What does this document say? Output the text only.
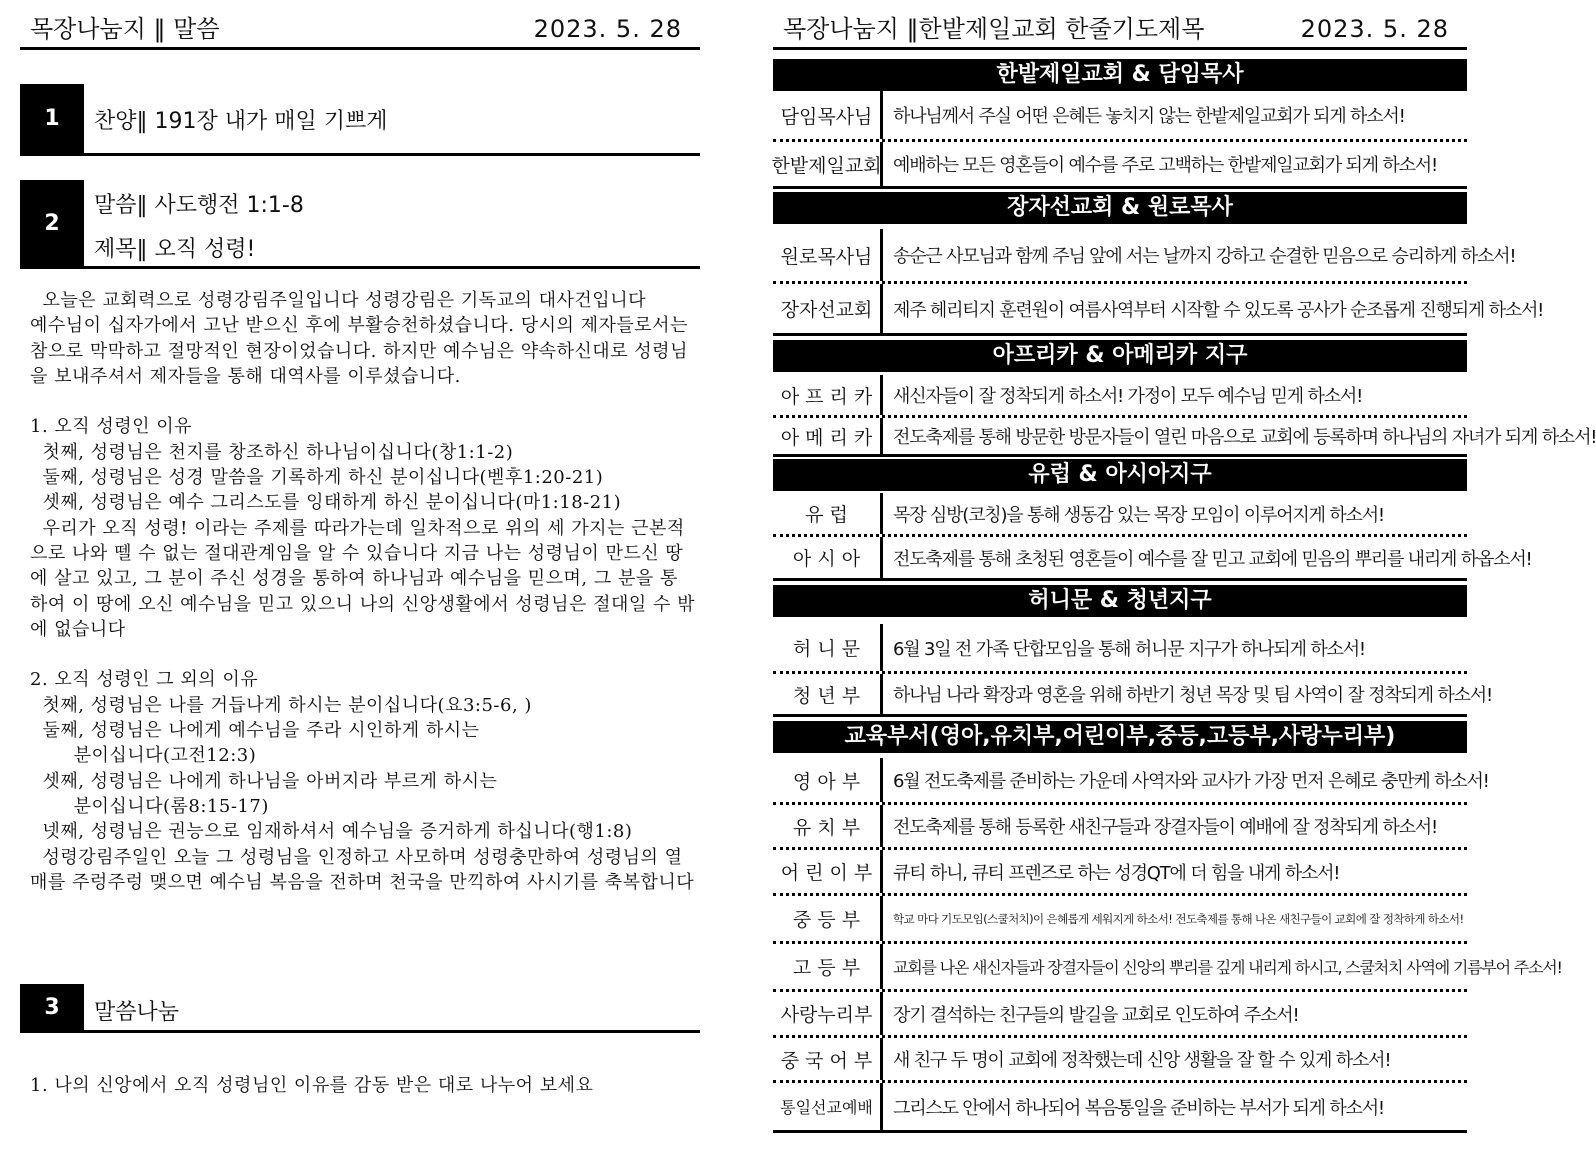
목장나눔지 ‖ 말씀	2023. 5. 28
1	찬양‖ 191장 내가 매일 기쁘게
2
말씀‖ 사도행전 1:1-8
제목‖ 오직 성령!
오늘은 교회력으로 성령강림주일입니다 성령강림은 기독교의 대사건입니다
예수님이 십자가에서 고난 받으신 후에 부활승천하셨습니다. 당시의 제자들로서는 참으로 막막하고 절망적인 현장이었습니다. 하지만 예수님은 약속하신대로 성령님을 보내주셔서 제자들을 통해 대역사를 이루셨습니다.

1. 오직 성령인 이유
첫째, 성령님은 천지를 창조하신 하나님이십니다(창1:1-2)
둘째, 성령님은 성경 말씀을 기록하게 하신 분이십니다(벧후1:20-21)
셋째, 성령님은 예수 그리스도를 잉태하게 하신 분이십니다(마1:18-21)
우리가 오직 성령! 이라는 주제를 따라가는데 일차적으로 위의 세 가지는 근본적으로 나와 뗄 수 없는 절대관계임을 알 수 있습니다 지금 나는 성령님이 만드신 땅에 살고 있고, 그 분이 주신 성경을 통하여 하나님과 예수님을 믿으며, 그 분을 통하여 이 땅에 오신 예수님을 믿고 있으니 나의 신앙생활에서 성령님은 절대일 수 밖에 없습니다

2. 오직 성령인 그 외의 이유
첫째, 성령님은 나를 거듭나게 하시는 분이십니다(요3:5-6, )
둘째, 성령님은 나에게 예수님을 주라 시인하게 하시는
분이십니다(고전12:3)
셋째, 성령님은 나에게 하나님을 아버지라 부르게 하시는
분이십니다(롬8:15-17)
넷째, 성령님은 권능으로 임재하셔서 예수님을 증거하게 하십니다(행1:8)
성령강림주일인 오늘 그 성령님을 인정하고 사모하며 성령충만하여 성령님의 열매를 주렁주렁 맺으면 예수님 복음을 전하며 천국을 만끽하여 사시기를 축복합니다
3	말씀나눔
1. 나의 신앙에서 오직 성령님인 이유를 감동 받은 대로 나누어 보세요
목장나눔지 ‖한밭제일교회 한줄기도제목	2023. 5. 28
한밭제일교회 & 담임목사
담임목사님	하나님께서 주실 어떤 은혜든 놓치지 않는 한밭제일교회가 되게 하소서!
한밭제일교회 예배하는 모든 영혼들이 예수를 주로 고백하는 한밭제일교회가 되게 하소서!
장자선교회 & 원로목사
원로목사님	송순근 사모님과 함께 주님 앞에 서는 날까지 강하고 순결한 믿음으로 승리하게 하소서!
장자선교회	제주 헤리티지 훈련원이 여름사역부터 시작할 수 있도록 공사가 순조롭게 진행되게 하소서!
아프리카 & 아메리카 지구
아 프 리 카	새신자들이 잘 정착되게 하소서! 가정이 모두 예수님 믿게 하소서!
아 메 리 카	전도축제를 통해 방문한 방문자들이 열린 마음으로 교회에 등록하며 하나님의 자녀가 되게 하소서!
유럽 & 아시아지구
유 럽	목장 심방(코칭)을 통해 생동감 있는 목장 모임이 이루어지게 하소서!
아 시 아	전도축제를 통해 초청된 영혼들이 예수를 잘 믿고 교회에 믿음의 뿌리를 내리게 하옵소서!
허니문 & 청년지구
허 니 문	6월 3일 전 가족 단합모임을 통해 허니문 지구가 하나되게 하소서!
청 년 부	하나님 나라 확장과 영혼을 위해 하반기 청년 목장 및 팀 사역이 잘 정착되게 하소서!
교육부서(영아,유치부,어린이부,중등,고등부,사랑누리부)
영 아 부	6월 전도축제를 준비하는 가운데 사역자와 교사가 가장 먼저 은혜로 충만케 하소서!
유 치 부	전도축제를 통해 등록한 새친구들과 장결자들이 예배에 잘 정착되게 하소서!
어 린 이 부	큐티 하니, 큐티 프렌즈로 하는 성경QT에 더 힘을 내게 하소서!
중 등 부	학교 마다 기도모임(스쿨처치)이 은혜롭게 세워지게 하소서! 전도축제를 통해 나온 새친구들이 교회에 잘 정착하게 하소서!
고 등 부	교회를 나온 새신자들과 장결자들이 신앙의 뿌리를 깊게 내리게 하시고, 스쿨처치 사역에 기름부어 주소서!
사랑누리부	장기 결석하는 친구들의 발길을 교회로 인도하여 주소서!
중 국 어 부	새 친구 두 명이 교회에 정착했는데 신앙 생활을 잘 할 수 있게 하소서!
통일선교예배	그리스도 안에서 하나되어 복음통일을 준비하는 부서가 되게 하소서!
